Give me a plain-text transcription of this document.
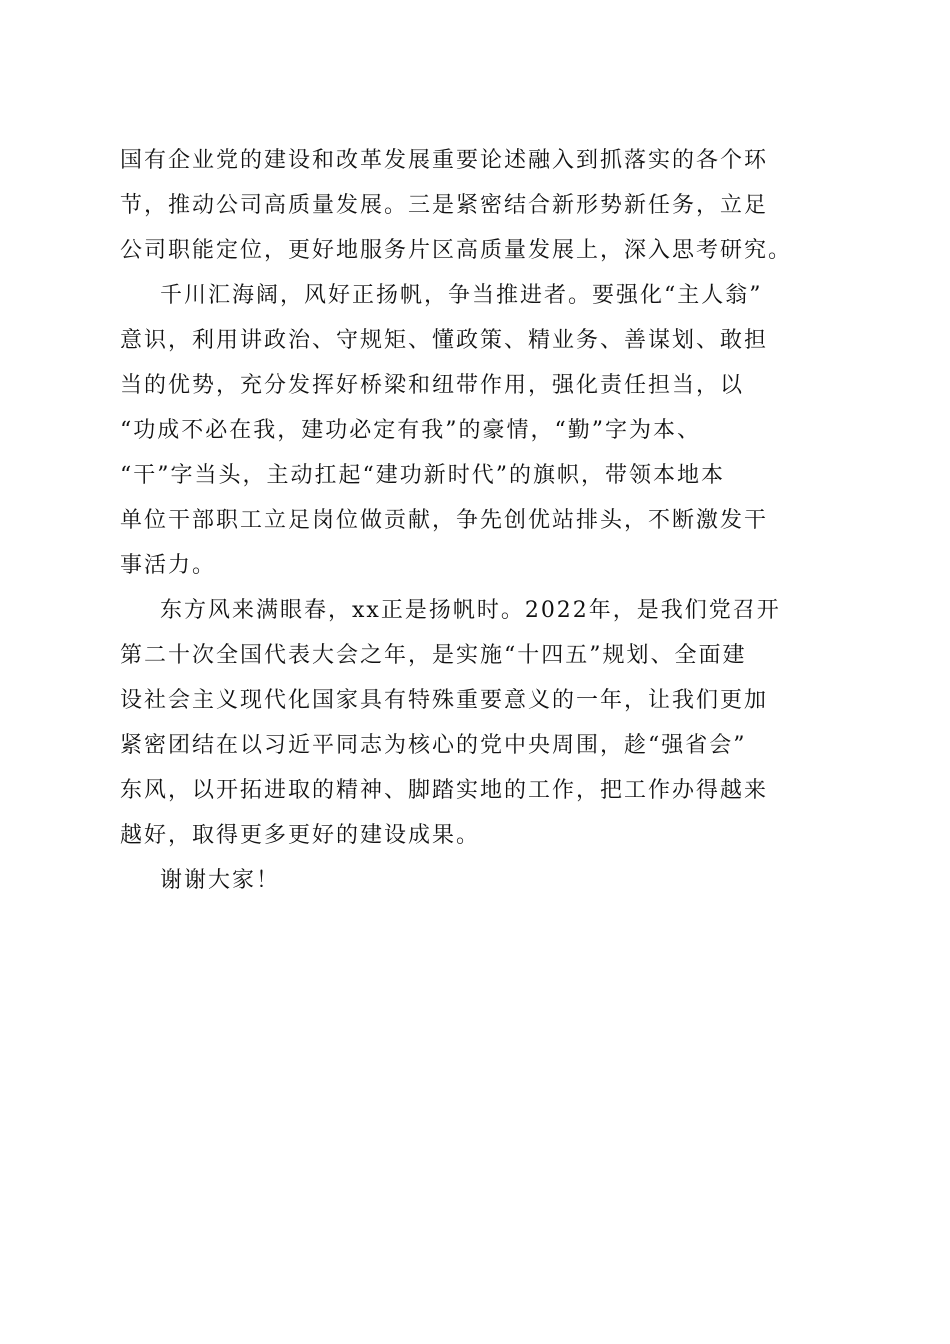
国有企业党的建设和改革发展重要论述融入到抓落实的各个环
节，推动公司高质量发展。三是紧密结合新形势新任务，立足
公司职能定位，更好地服务片区高质量发展上，深入思考研究。
千川汇海阔，风好正扬帆，争当推进者。要强化“主人翁”
意识，利用讲政治、守规矩、懂政策、精业务、善谋划、敢担
当的优势，充分发挥好桥梁和纽带作用，强化责任担当，以
“功成不必在我，建功必定有我”的豪情，“勤”字为本、
“干”字当头，主动扛起“建功新时代”的旗帜，带领本地本
单位干部职工立足岗位做贡献，争先创优站排头，不断激发干
事活力。
东方风来满眼春，xx正是扬帆时。2022年，是我们党召开
第二十次全国代表大会之年，是实施“十四五”规划、全面建
设社会主义现代化国家具有特殊重要意义的一年，让我们更加
紧密团结在以习近平同志为核心的党中央周围，趁“强省会”
东风，以开拓进取的精神、脚踏实地的工作，把工作办得越来
越好，取得更多更好的建设成果。
谢谢大家！
